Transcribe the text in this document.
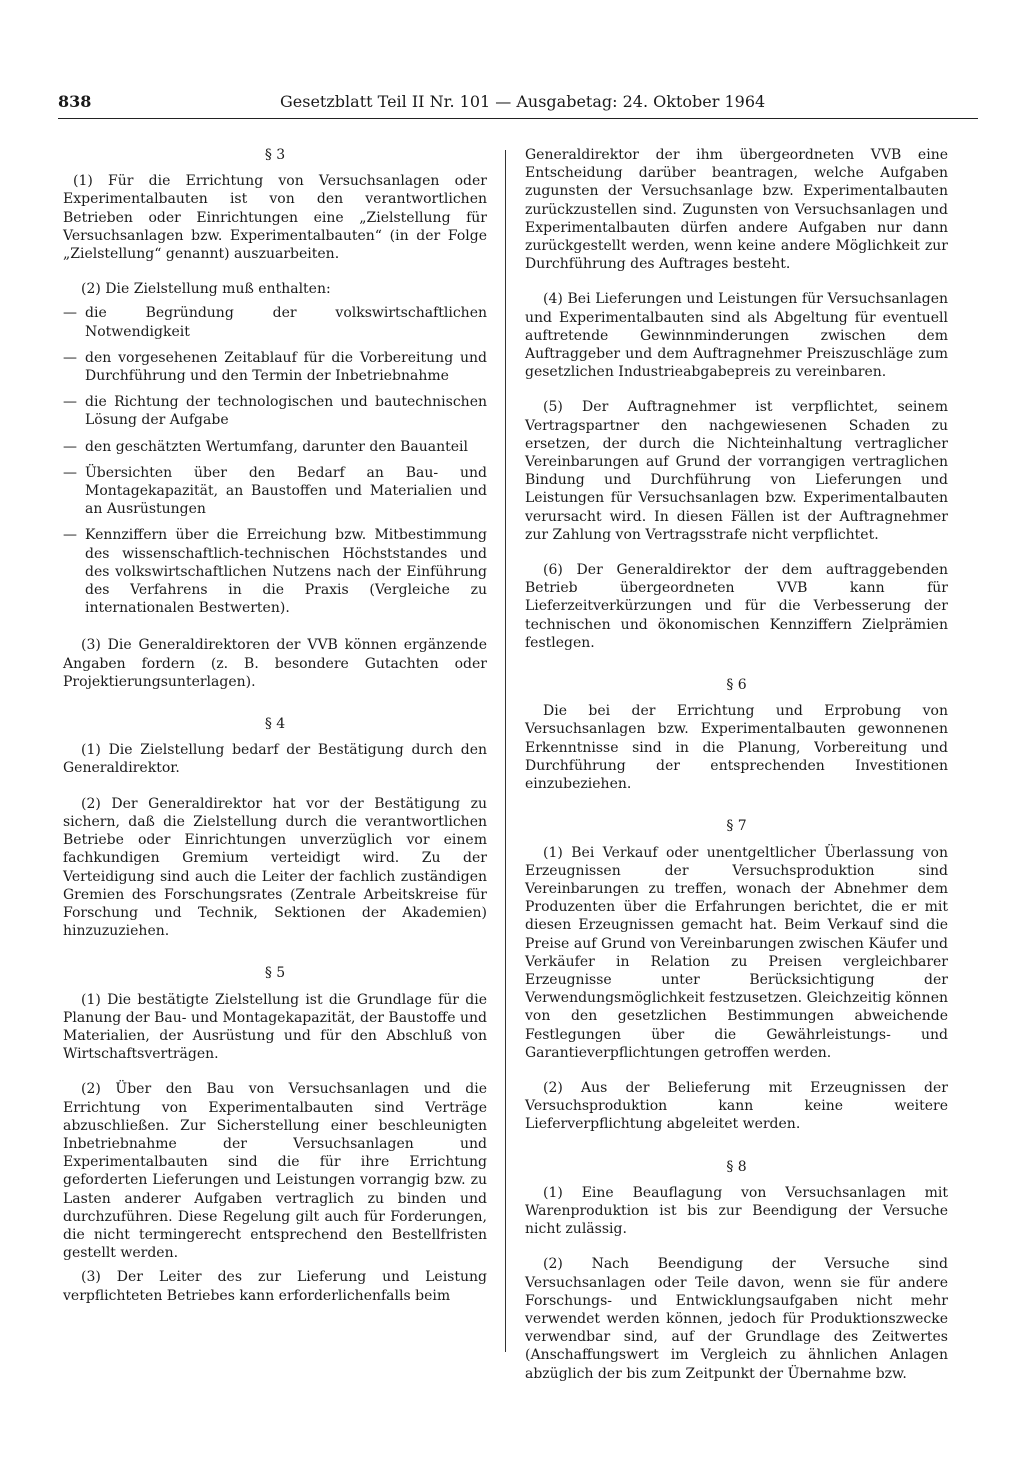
838	Gesetzblatt Teil II Nr. 101 — Ausgabetag: 24. Oktober 1964
§ 3

(1) Für die Errichtung von Versuchsanlagen oder Experimentalbauten ist von den verantwortlichen Betrieben oder Einrichtungen eine „Zielstellung für Versuchsanlagen bzw. Experimentalbauten“ (in der Folge „Zielstellung“ genannt) auszuarbeiten.

(2) Die Zielstellung muß enthalten:

— die Begründung der volkswirtschaftlichen Notwendigkeit
— den vorgesehenen Zeitablauf für die Vorbereitung und Durchführung und den Termin der Inbetriebnahme
— die Richtung der technologischen und bautechnischen Lösung der Aufgabe
— den geschätzten Wertumfang, darunter den Bauanteil
— Übersichten über den Bedarf an Bau- und Montagekapazität, an Baustoffen und Materialien und an Ausrüstungen
— Kennziffern über die Erreichung bzw. Mitbestimmung des wissenschaftlich-technischen Höchststandes und des volkswirtschaftlichen Nutzens nach der Einführung des Verfahrens in die Praxis (Vergleiche zu internationalen Bestwerten).

(3) Die Generaldirektoren der VVB können ergänzende Angaben fordern (z. B. besondere Gutachten oder Projektierungsunterlagen).

§ 4

(1) Die Zielstellung bedarf der Bestätigung durch den Generaldirektor.

(2) Der Generaldirektor hat vor der Bestätigung zu sichern, daß die Zielstellung durch die verantwortlichen Betriebe oder Einrichtungen unverzüglich vor einem fachkundigen Gremium verteidigt wird. Zu der Verteidigung sind auch die Leiter der fachlich zuständigen Gremien des Forschungsrates (Zentrale Arbeitskreise für Forschung und Technik, Sektionen der Akademien) hinzuzuziehen.

§ 5

(1) Die bestätigte Zielstellung ist die Grundlage für die Planung der Bau- und Montagekapazität, der Baustoffe und Materialien, der Ausrüstung und für den Abschluß von Wirtschaftsverträgen.

(2) Über den Bau von Versuchsanlagen und die Errichtung von Experimentalbauten sind Verträge abzuschließen. Zur Sicherstellung einer beschleunigten Inbetriebnahme der Versuchsanlagen und Experimentalbauten sind die für ihre Errichtung geforderten Lieferungen und Leistungen vorrangig bzw. zu Lasten anderer Aufgaben vertraglich zu binden und durchzuführen. Diese Regelung gilt auch für Forderungen, die nicht termingerecht entsprechend den Bestellfristen gestellt werden.

(3) Der Leiter des zur Lieferung und Leistung verpflichteten Betriebes kann erforderlichenfalls beim

Generaldirektor der ihm übergeordneten VVB eine Entscheidung darüber beantragen, welche Aufgaben zugunsten der Versuchsanlage bzw. Experimentalbauten zurückzustellen sind. Zugunsten von Versuchsanlagen und Experimentalbauten dürfen andere Aufgaben nur dann zurückgestellt werden, wenn keine andere Möglichkeit zur Durchführung des Auftrages besteht.

(4) Bei Lieferungen und Leistungen für Versuchsanlagen und Experimentalbauten sind als Abgeltung für eventuell auftretende Gewinnminderungen zwischen dem Auftraggeber und dem Auftragnehmer Preiszuschläge zum gesetzlichen Industrieabgabepreis zu vereinbaren.

(5) Der Auftragnehmer ist verpflichtet, seinem Vertragspartner den nachgewiesenen Schaden zu ersetzen, der durch die Nichteinhaltung vertraglicher Vereinbarungen auf Grund der vorrangigen vertraglichen Bindung und Durchführung von Lieferungen und Leistungen für Versuchsanlagen bzw. Experimentalbauten verursacht wird. In diesen Fällen ist der Auftragnehmer zur Zahlung von Vertragsstrafe nicht verpflichtet.

(6) Der Generaldirektor der dem auftraggebenden Betrieb übergeordneten VVB kann für Lieferzeitverkürzungen und für die Verbesserung der technischen und ökonomischen Kennziffern Zielprämien festlegen.

§ 6

Die bei der Errichtung und Erprobung von Versuchsanlagen bzw. Experimentalbauten gewonnenen Erkenntnisse sind in die Planung, Vorbereitung und Durchführung der entsprechenden Investitionen einzubeziehen.

§ 7

(1) Bei Verkauf oder unentgeltlicher Überlassung von Erzeugnissen der Versuchsproduktion sind Vereinbarungen zu treffen, wonach der Abnehmer dem Produzenten über die Erfahrungen berichtet, die er mit diesen Erzeugnissen gemacht hat. Beim Verkauf sind die Preise auf Grund von Vereinbarungen zwischen Käufer und Verkäufer in Relation zu Preisen vergleichbarer Erzeugnisse unter Berücksichtigung der Verwendungsmöglichkeit festzusetzen. Gleichzeitig können von den gesetzlichen Bestimmungen abweichende Festlegungen über die Gewährleistungs- und Garantieverpflichtungen getroffen werden.

(2) Aus der Belieferung mit Erzeugnissen der Versuchsproduktion kann keine weitere Lieferverpflichtung abgeleitet werden.

§ 8

(1) Eine Beauflagung von Versuchsanlagen mit Warenproduktion ist bis zur Beendigung der Versuche nicht zulässig.

(2) Nach Beendigung der Versuche sind Versuchsanlagen oder Teile davon, wenn sie für andere Forschungs- und Entwicklungsaufgaben nicht mehr verwendet werden können, jedoch für Produktionszwecke verwendbar sind, auf der Grundlage des Zeitwertes (Anschaffungswert im Vergleich zu ähnlichen Anlagen abzüglich der bis zum Zeitpunkt der Übernahme bzw.
